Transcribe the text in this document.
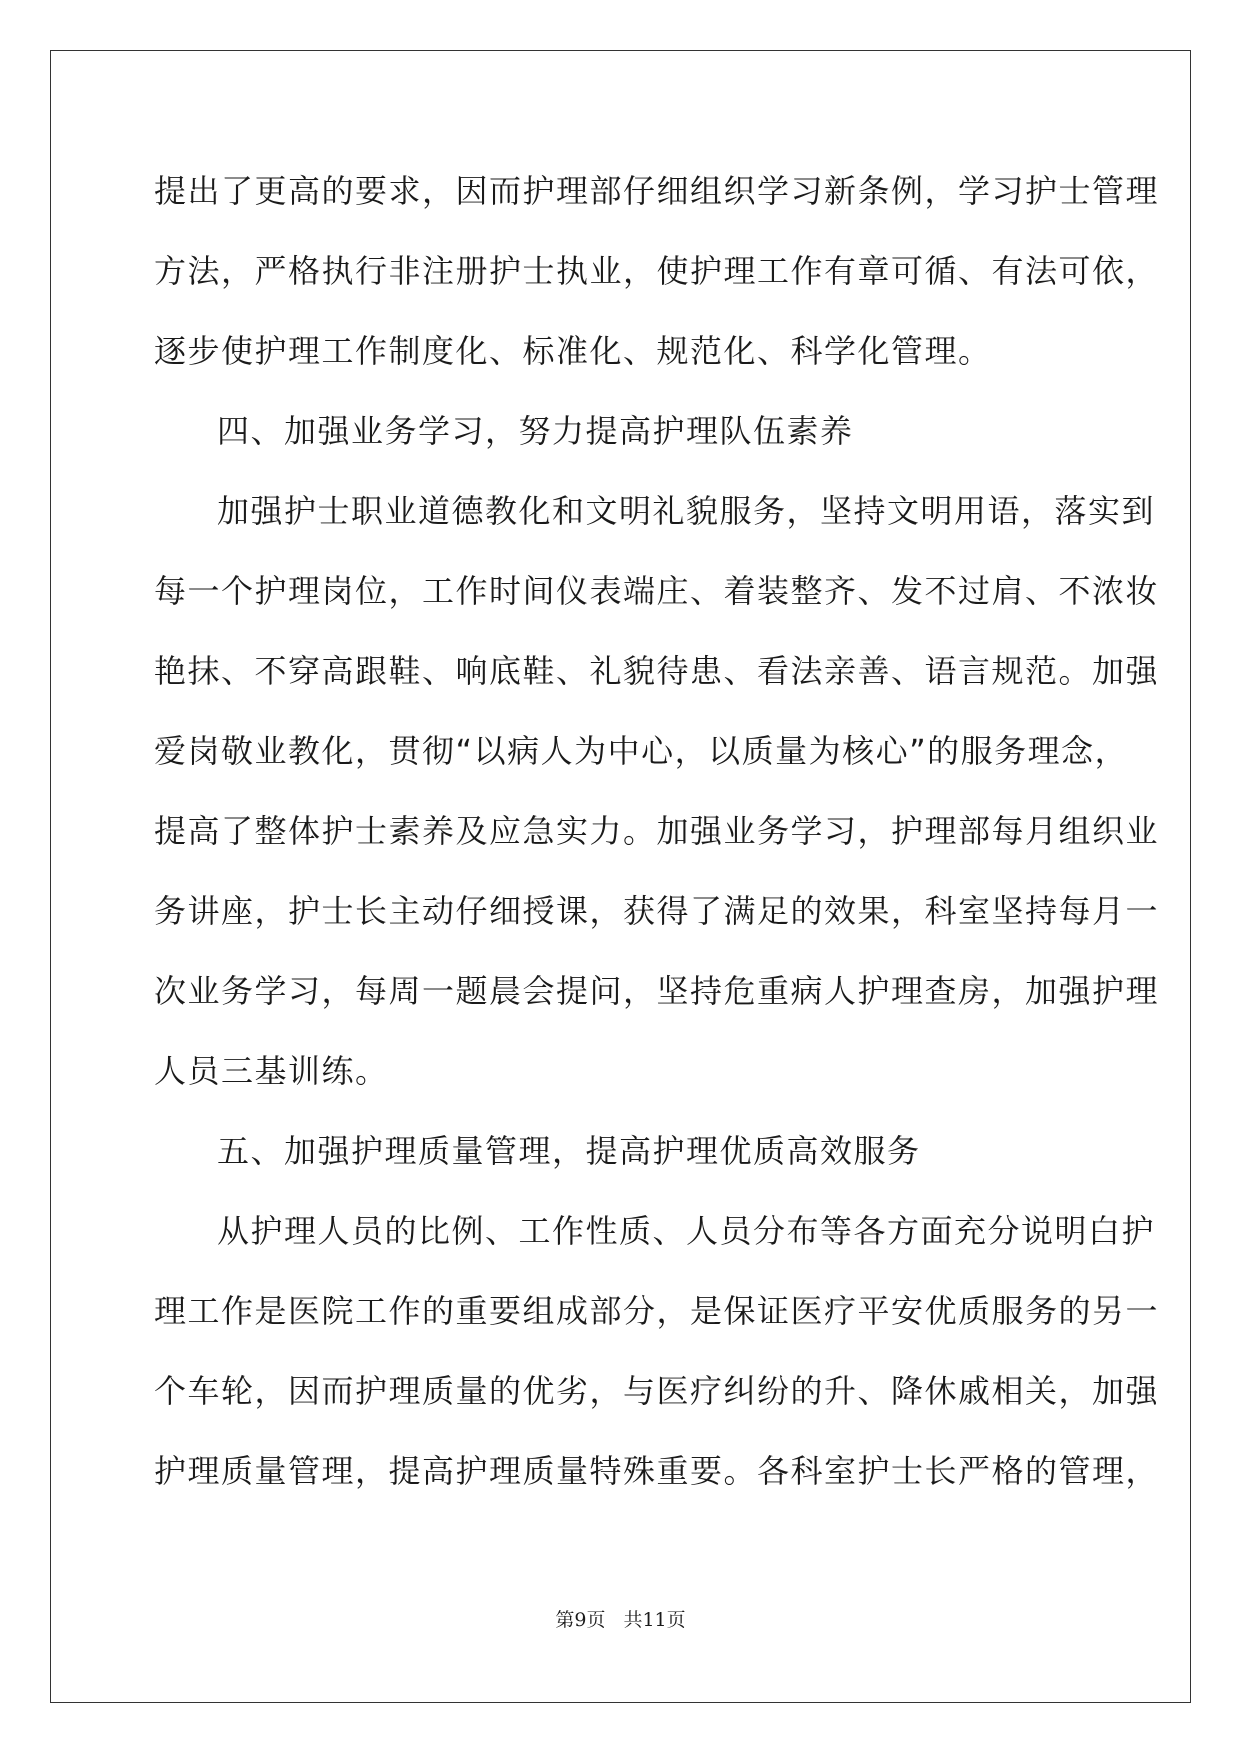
提出了更高的要求，因而护理部仔细组织学习新条例，学习护士管理
方法，严格执行非注册护士执业，使护理工作有章可循、有法可依，
逐步使护理工作制度化、标准化、规范化、科学化管理。
四、加强业务学习，努力提高护理队伍素养
加强护士职业道德教化和文明礼貌服务，坚持文明用语，落实到
每一个护理岗位，工作时间仪表端庄、着装整齐、发不过肩、不浓妆
艳抹、不穿高跟鞋、响底鞋、礼貌待患、看法亲善、语言规范。加强
爱岗敬业教化，贯彻“以病人为中心，以质量为核心”的服务理念，
提高了整体护士素养及应急实力。加强业务学习，护理部每月组织业
务讲座，护士长主动仔细授课，获得了满足的效果，科室坚持每月一
次业务学习，每周一题晨会提问，坚持危重病人护理查房，加强护理
人员三基训练。
五、加强护理质量管理，提高护理优质高效服务
从护理人员的比例、工作性质、人员分布等各方面充分说明白护
理工作是医院工作的重要组成部分，是保证医疗平安优质服务的另一
个车轮，因而护理质量的优劣，与医疗纠纷的升、降休戚相关，加强
护理质量管理，提高护理质量特殊重要。各科室护士长严格的管理，
第9页 共11页
